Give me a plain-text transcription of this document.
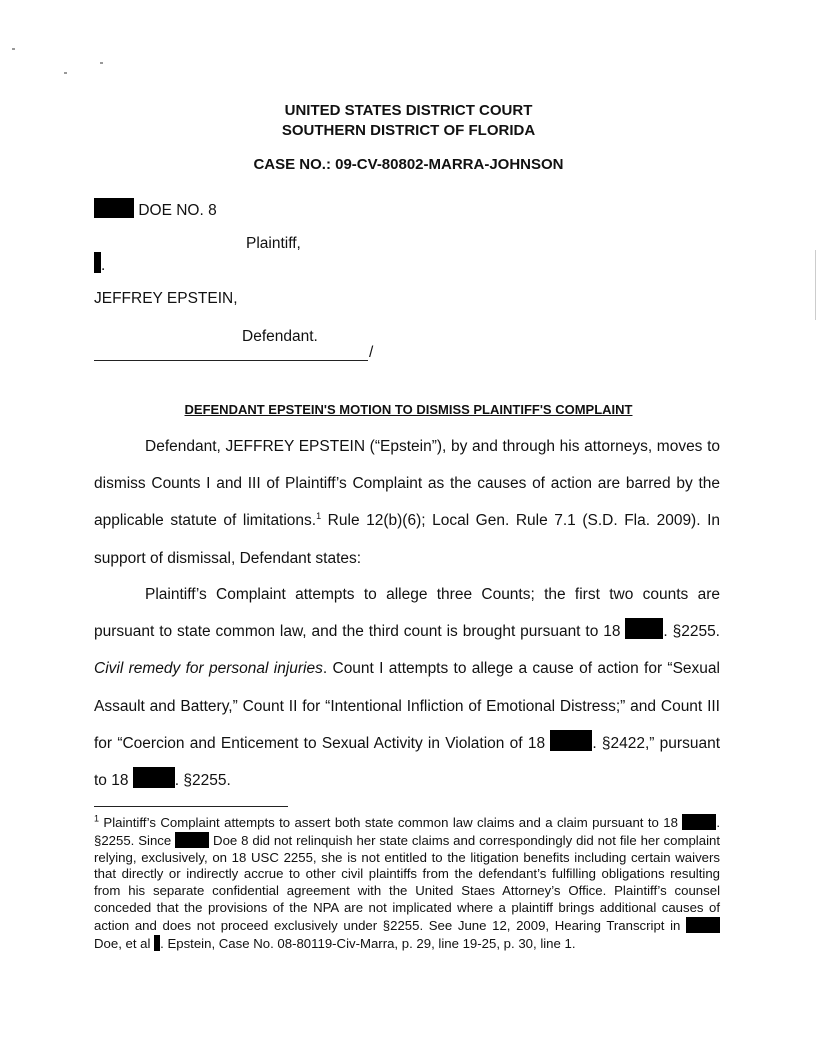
UNITED STATES DISTRICT COURT
SOUTHERN DISTRICT OF FLORIDA
CASE NO.: 09-CV-80802-MARRA-JOHNSON
DOE NO. 8
Plaintiff,
.
JEFFREY EPSTEIN,
Defendant.
/
DEFENDANT EPSTEIN'S MOTION TO DISMISS PLAINTIFF'S COMPLAINT
Defendant, JEFFREY EPSTEIN (“Epstein”), by and through his attorneys, moves to dismiss Counts I and III of Plaintiff’s Complaint as the causes of action are barred by the applicable statute of limitations.$^1$ Rule 12(b)(6); Local Gen. Rule 7.1 (S.D. Fla. 2009). In support of dismissal, Defendant states:
Plaintiff’s Complaint attempts to allege three Counts; the first two counts are pursuant to state common law, and the third count is brought pursuant to 18 . §2255. Civil remedy for personal injuries. Count I attempts to allege a cause of action for “Sexual Assault and Battery,” Count II for “Intentional Infliction of Emotional Distress;” and Count III for “Coercion and Enticement to Sexual Activity in Violation of 18	. §2422,” pursuant to 18	. §2255.
$^1$ Plaintiff’s Complaint attempts to assert both state common law claims and a claim pursuant to 18	. §2255. Since	Doe 8 did not relinquish her state claims and correspondingly did not file her complaint relying, exclusively, on 18 USC 2255, she is not entitled to the litigation benefits including certain waivers that directly or indirectly accrue to other civil plaintiffs from the defendant’s fulfilling obligations resulting from his separate confidential agreement with the United Staes Attorney’s Office. Plaintiff’s counsel conceded that the provisions of the NPA are not implicated where a plaintiff brings additional causes of action and does not proceed exclusively under §2255. See June 12, 2009, Hearing Transcript in  Doe, et al . Epstein, Case No. 08-80119-Civ-Marra, p. 29, line 19-25, p. 30, line 1.
